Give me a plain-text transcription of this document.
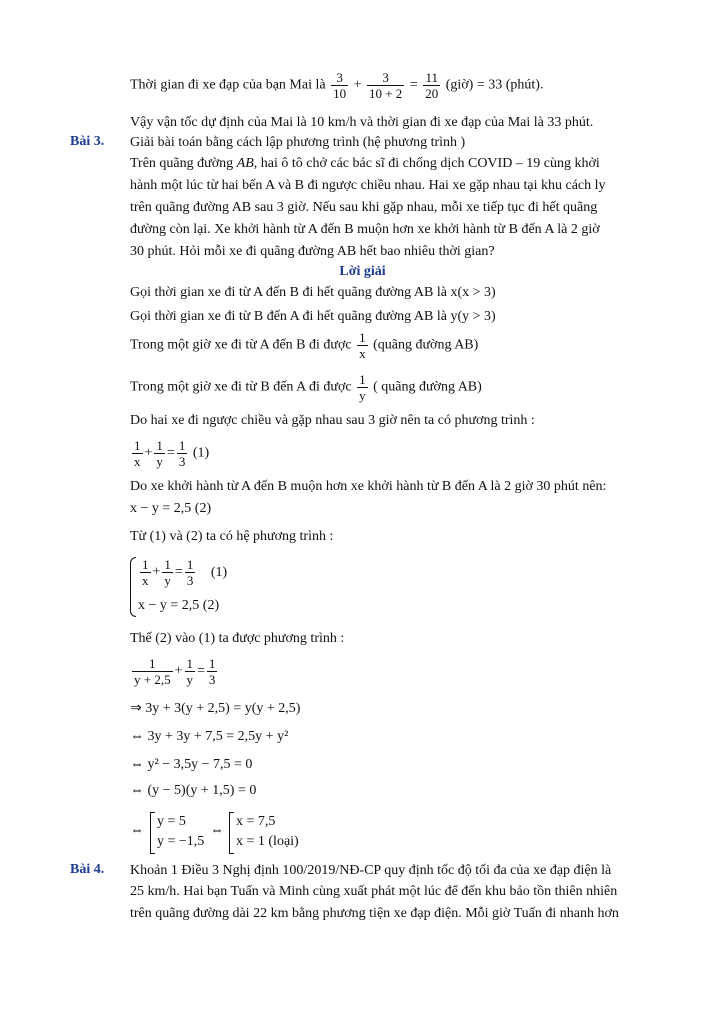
Thời gian đi xe đạp của bạn Mai là $\frac{3}{10} + \frac{3}{10 + 2} = \frac{11}{20}$ (giờ) = 33 (phút).
Vậy vận tốc dự định của Mai là 10 km/h và thời gian đi xe đạp của Mai là 33 phút.
Bài 3. Giải bài toán bằng cách lập phương trình (hệ phương trình )
Trên quãng đường AB, hai ô tô chở các bác sĩ đi chống dịch COVID – 19 cùng khởi
hành một lúc từ hai bến A và B đi ngược chiều nhau. Hai xe gặp nhau tại khu cách ly
trên quãng đường AB sau 3 giờ. Nếu sau khi gặp nhau, mỗi xe tiếp tục đi hết quãng
đường còn lại. Xe khởi hành từ A đến B muộn hơn xe khởi hành từ B đến A là 2 giờ
30 phút. Hỏi mỗi xe đi quãng đường AB hết bao nhiêu thời gian?
Lời giải
Gọi thời gian xe đi từ A đến B đi hết quãng đường AB là x(x > 3)
Gọi thời gian xe đi từ B đến A đi hết quãng đường AB là y(y > 3)
Trong một giờ xe đi từ A đến B đi được $\frac{1}{x}$ (quãng đường AB)
Trong một giờ xe đi từ B đến A đi được $\frac{1}{y}$ ( quãng đường AB)
Do hai xe đi ngược chiều và gặp nhau sau 3 giờ nên ta có phương trình :
$\frac{1}{x} + \frac{1}{y} = \frac{1}{3} (1)$
Do xe khởi hành từ A đến B muộn hơn xe khởi hành từ B đến A là 2 giờ 30 phút nên:
x − y = 2,5 (2)
Từ (1) và (2) ta có hệ phương trình :
$\frac{1}{x} + \frac{1}{y} = \frac{1}{3} (1)$
x − y = 2,5 (2)
Thế (2) vào (1) ta được phương trình :
$\frac{1}{y + 2,5} + \frac{1}{y} = \frac{1}{3}$
⇒ 3y + 3(y + 2,5) = y(y + 2,5)
⇔ 3y + 3y + 7,5 = 2,5y + y²
⇔ y² − 3,5y − 7,5 = 0
⇔ (y − 5)(y + 1,5) = 0
⇔
y = 5
y = −1,5
⇔
x = 7,5
x = 1 (loại)
Bài 4. Khoản 1 Điều 3 Nghị định 100/2019/NĐ-CP quy định tốc độ tối đa của xe đạp điện là
25 km/h. Hai bạn Tuấn và Minh cùng xuất phát một lúc để đến khu bảo tồn thiên nhiên
trên quãng đường dài 22 km bằng phương tiện xe đạp điện. Mỗi giờ Tuấn đi nhanh hơn
